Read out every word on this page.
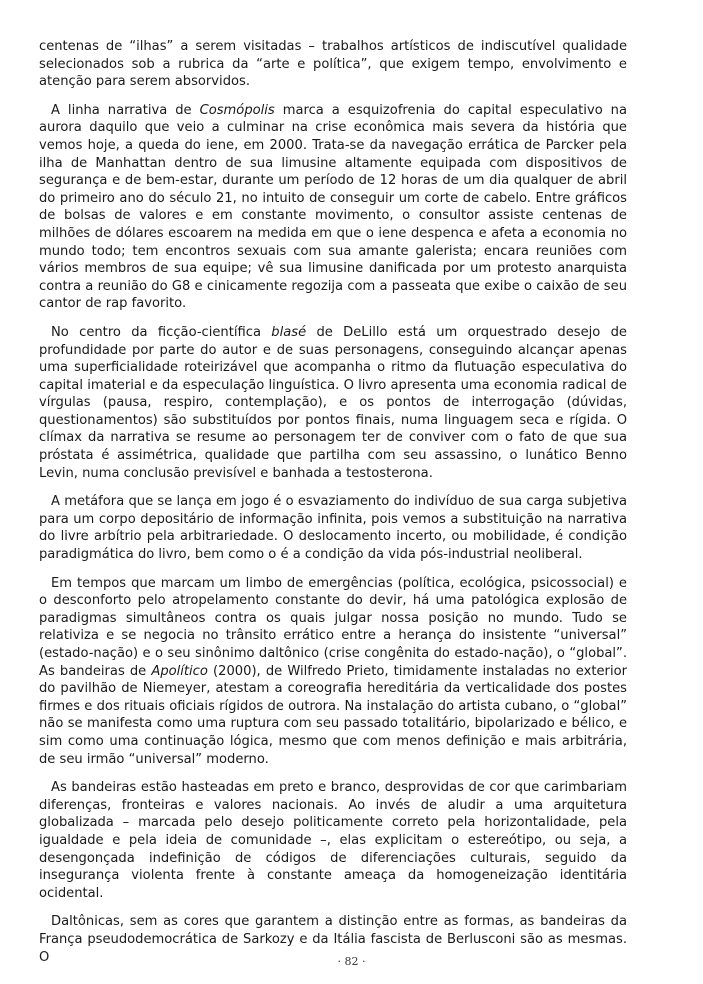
centenas de “ilhas” a serem visitadas – trabalhos artísticos de indiscutível qualidade selecionados sob a rubrica da “arte e política”, que exigem tempo, envolvimento e atenção para serem absorvidos.

A linha narrativa de Cosmópolis marca a esquizofrenia do capital especulativo na aurora daquilo que veio a culminar na crise econômica mais severa da história que vemos hoje, a queda do iene, em 2000. Trata-se da navegação errática de Parcker pela ilha de Manhattan dentro de sua limusine altamente equipada com dispositivos de segurança e de bem-estar, durante um período de 12 horas de um dia qualquer de abril do primeiro ano do século 21, no intuito de conseguir um corte de cabelo. Entre gráficos de bolsas de valores e em constante movimento, o consultor assiste centenas de milhões de dólares escoarem na medida em que o iene despenca e afeta a economia no mundo todo; tem encontros sexuais com sua amante galerista; encara reuniões com vários membros de sua equipe; vê sua limusine danificada por um protesto anarquista contra a reunião do G8 e cinicamente regozija com a passeata que exibe o caixão de seu cantor de rap favorito.

No centro da ficção-científica blasé de DeLillo está um orquestrado desejo de profundidade por parte do autor e de suas personagens, conseguindo alcançar apenas uma superficialidade roteirizável que acompanha o ritmo da flutuação especulativa do capital imaterial e da especulação linguística. O livro apresenta uma economia radical de vírgulas (pausa, respiro, contemplação), e os pontos de interrogação (dúvidas, questionamentos) são substituídos por pontos finais, numa linguagem seca e rígida. O clímax da narrativa se resume ao personagem ter de conviver com o fato de que sua próstata é assimétrica, qualidade que partilha com seu assassino, o lunático Benno Levin, numa conclusão previsível e banhada a testosterona.

A metáfora que se lança em jogo é o esvaziamento do indivíduo de sua carga subjetiva para um corpo depositário de informação infinita, pois vemos a substituição na narrativa do livre arbítrio pela arbitrariedade. O deslocamento incerto, ou mobilidade, é condição paradigmática do livro, bem como o é a condição da vida pós-industrial neoliberal.

Em tempos que marcam um limbo de emergências (política, ecológica, psicossocial) e o desconforto pelo atropelamento constante do devir, há uma patológica explosão de paradigmas simultâneos contra os quais julgar nossa posição no mundo. Tudo se relativiza e se negocia no trânsito errático entre a herança do insistente “universal” (estado-nação) e o seu sinônimo daltônico (crise congênita do estado-nação), o “global”. As bandeiras de Apolítico (2000), de Wilfredo Prieto, timidamente instaladas no exterior do pavilhão de Niemeyer, atestam a coreografia hereditária da verticalidade dos postes firmes e dos rituais oficiais rígidos de outrora. Na instalação do artista cubano, o “global” não se manifesta como uma ruptura com seu passado totalitário, bipolarizado e bélico, e sim como uma continuação lógica, mesmo que com menos definição e mais arbitrária, de seu irmão “universal” moderno.

As bandeiras estão hasteadas em preto e branco, desprovidas de cor que carimbariam diferenças, fronteiras e valores nacionais. Ao invés de aludir a uma arquitetura globalizada – marcada pelo desejo politicamente correto pela horizontalidade, pela igualdade e pela ideia de comunidade –, elas explicitam o estereótipo, ou seja, a desengonçada indefinição de códigos de diferenciações culturais, seguido da insegurança violenta frente à constante ameaça da homogeneização identitária ocidental.

Daltônicas, sem as cores que garantem a distinção entre as formas, as bandeiras da França pseudodemocrática de Sarkozy e da Itália fascista de Berlusconi são as mesmas. O	· 82 ·
